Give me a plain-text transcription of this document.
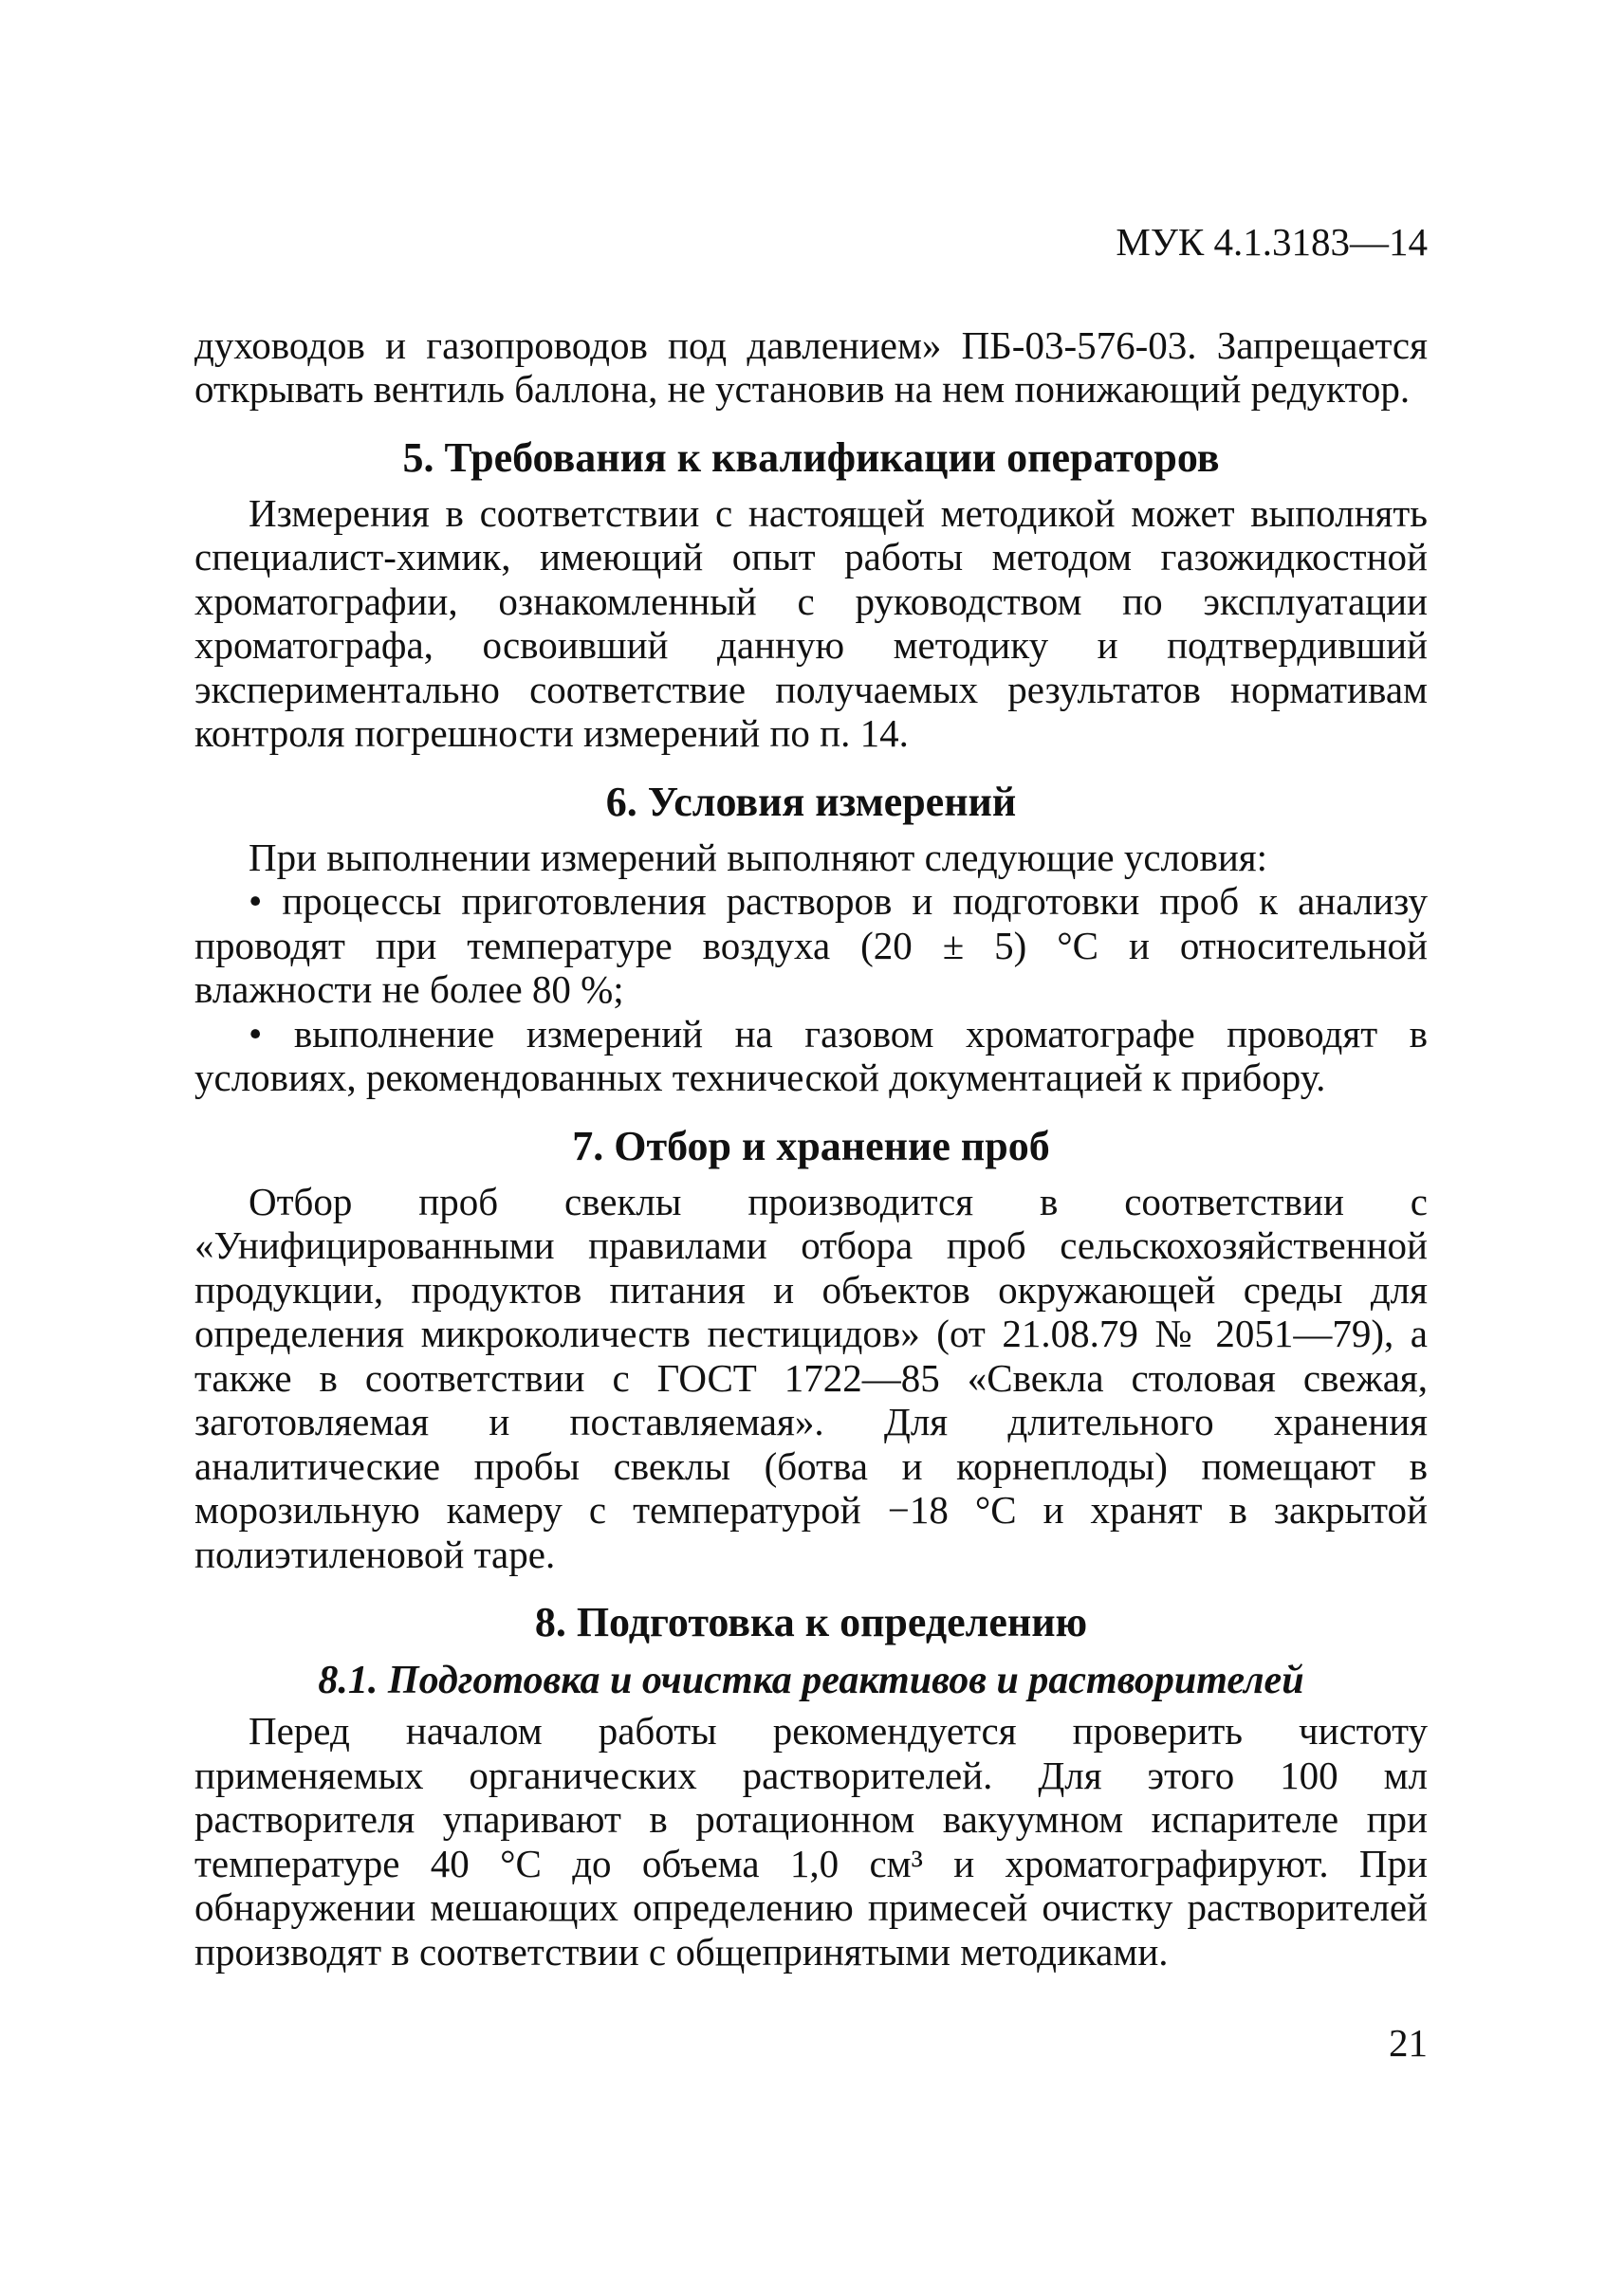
МУК 4.1.3183—14

духоводов и газопроводов под давлением» ПБ-03-576-03. Запрещается открывать вентиль баллона, не установив на нем понижающий редуктор.

5. Требования к квалификации операторов

Измерения в соответствии с настоящей методикой может выполнять специалист-химик, имеющий опыт работы методом газожидкостной хроматографии, ознакомленный с руководством по эксплуатации хроматографа, освоивший данную методику и подтвердивший экспериментально соответствие получаемых результатов нормативам контроля погрешности измерений по п. 14.

6. Условия измерений

При выполнении измерений выполняют следующие условия:

• процессы приготовления растворов и подготовки проб к анализу проводят при температуре воздуха (20 ± 5) °C и относительной влажности не более 80 %;

• выполнение измерений на газовом хроматографе проводят в условиях, рекомендованных технической документацией к прибору.

7. Отбор и хранение проб

Отбор проб свеклы производится в соответствии с «Унифицированными правилами отбора проб сельскохозяйственной продукции, продуктов питания и объектов окружающей среды для определения микроколичеств пестицидов» (от 21.08.79 № 2051—79), а также в соответствии с ГОСТ 1722—85 «Свекла столовая свежая, заготовляемая и поставляемая». Для длительного хранения аналитические пробы свеклы (ботва и корнеплоды) помещают в морозильную камеру с температурой −18 °C и хранят в закрытой полиэтиленовой таре.

8. Подготовка к определению
8.1. Подготовка и очистка реактивов и растворителей

Перед началом работы рекомендуется проверить чистоту применяемых органических растворителей. Для этого 100 мл растворителя упаривают в ротационном вакуумном испарителе при температуре 40 °C до объема 1,0 см³ и хроматографируют. При обнаружении мешающих определению примесей очистку растворителей производят в соответствии с общепринятыми методиками.

21
